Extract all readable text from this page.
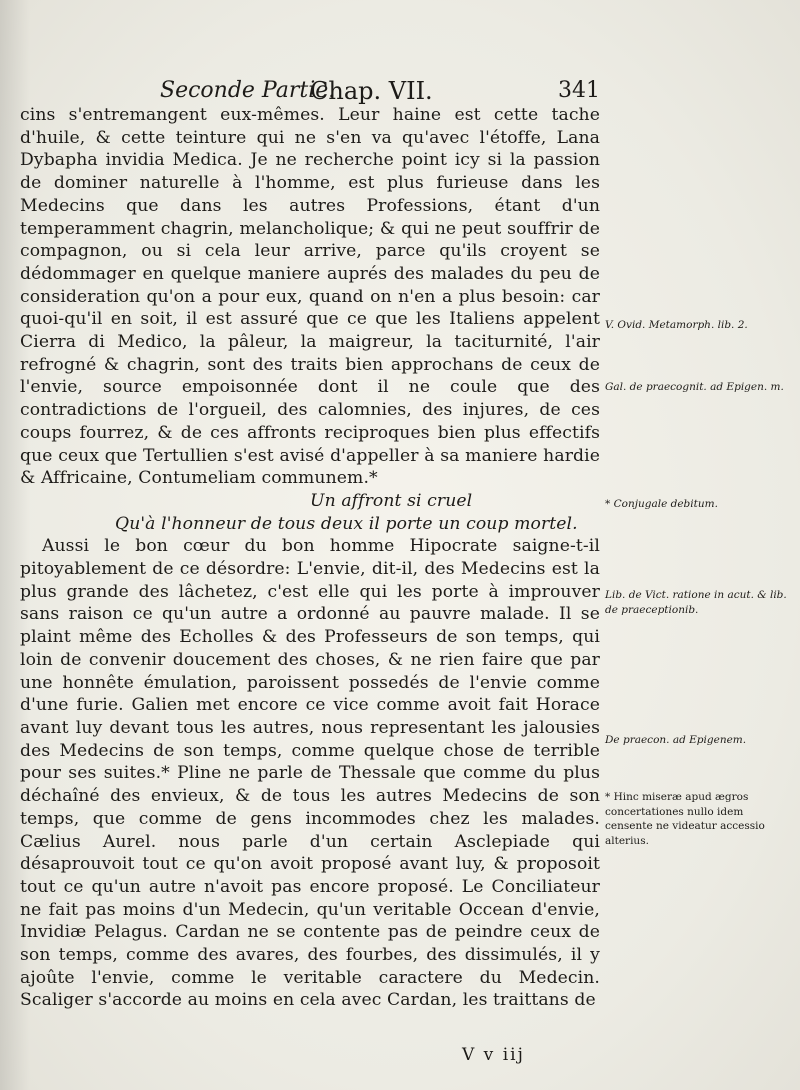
Seconde Partie.
Chap. VII.	341

cins s'entremangent eux-mêmes. Leur haine est cette tache d'huile, & cette teinture qui ne s'en va qu'avec l'étoffe, Lana Dybapha invidia Medica. Je ne recherche point icy si la passion de dominer naturelle à l'homme, est plus furieuse dans les Medecins que dans les autres Professions, étant d'un temperamment chagrin, melancholique; & qui ne peut souffrir de compagnon, ou si cela leur arrive, parce qu'ils croyent se dédommager en quelque maniere auprés des malades du peu de consideration qu'on a pour eux, quand on n'en a plus besoin: car quoi-qu'il en soit, il est assuré que ce que les Italiens appelent Cierra di Medico, la pâleur, la maigreur, la taciturnité, l'air refrogné & chagrin, sont des traits bien approchans de ceux de l'envie, source empoisonnée dont il ne coule que des contradictions de l'orgueil, des calomnies, des injures, de ces coups fourrez, & de ces affronts reciproques bien plus effectifs que ceux que Tertullien s'est avisé d'appeller à sa maniere hardie & Affricaine, Contumeliam communem.*

Un affront si cruel

Qu'à l'honneur de tous deux il porte un coup mortel.

Aussi le bon cœur du bon homme Hipocrate saigne-t-il pitoyablement de ce désordre: L'envie, dit-il, des Medecins est la plus grande des lâchetez, c'est elle qui les porte à improuver sans raison ce qu'un autre a ordonné au pauvre malade. Il se plaint même des Echolles & des Professeurs de son temps, qui loin de convenir doucement des choses, & ne rien faire que par une honnête émulation, paroissent possedés de l'envie comme d'une furie. Galien met encore ce vice comme avoit fait Horace avant luy devant tous les autres, nous representant les jalousies des Medecins de son temps, comme quelque chose de terrible pour ses suites.* Pline ne parle de Thessale que comme du plus déchaîné des envieux, & de tous les autres Medecins de son temps, que comme de gens incommodes chez les malades. Cælius Aurel. nous parle d'un certain Asclepiade qui désaprouvoit tout ce qu'on avoit proposé avant luy, & proposoit tout ce qu'un autre n'avoit pas encore proposé. Le Conciliateur ne fait pas moins d'un Medecin, qu'un veritable Occean d'envie, Invidiæ Pelagus. Cardan ne se contente pas de peindre ceux de son temps, comme des avares, des fourbes, des dissimulés, il y ajoûte l'envie, comme le veritable caractere du Medecin. Scaliger s'accorde au moins en cela avec Cardan, les traittans de

V. Ovid. Metamorph. lib. 2.
Gal. de praecognit. ad Epigen. m.
* Conjugale debitum.
Lib. de Vict. ratione in acut. & lib. de praeceptionib.
De praecon. ad Epigenem.
* Hinc miseræ apud ægros concertationes nullo idem censente ne videatur accessio alterius.
V v iij
